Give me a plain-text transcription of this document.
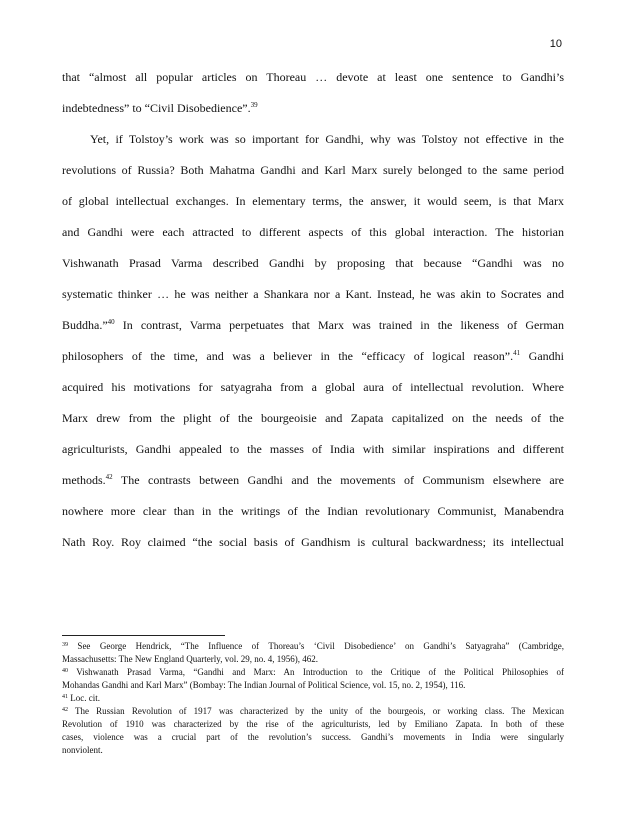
10
that “almost all popular articles on Thoreau … devote at least one sentence to Gandhi’s
indebtedness” to “Civil Disobedience”.$^{39}$
Yet, if Tolstoy’s work was so important for Gandhi, why was Tolstoy not effective in the
revolutions of Russia? Both Mahatma Gandhi and Karl Marx surely belonged to the same period
of global intellectual exchanges. In elementary terms, the answer, it would seem, is that Marx
and Gandhi were each attracted to different aspects of this global interaction. The historian
Vishwanath Prasad Varma described Gandhi by proposing that because “Gandhi was no
systematic thinker … he was neither a Shankara nor a Kant. Instead, he was akin to Socrates and
Buddha.”$^{40}$ In contrast, Varma perpetuates that Marx was trained in the likeness of German
philosophers of the time, and was a believer in the “efficacy of logical reason”.$^{41}$ Gandhi
acquired his motivations for satyagraha from a global aura of intellectual revolution. Where
Marx drew from the plight of the bourgeoisie and Zapata capitalized on the needs of the
agriculturists, Gandhi appealed to the masses of India with similar inspirations and different
methods.$^{42}$ The contrasts between Gandhi and the movements of Communism elsewhere are
nowhere more clear than in the writings of the Indian revolutionary Communist, Manabendra
Nath Roy. Roy claimed “the social basis of Gandhism is cultural backwardness; its intellectual
$^{39}$ See George Hendrick, “The Influence of Thoreau’s ‘Civil Disobedience’ on Gandhi’s Satyagraha” (Cambridge,
Massachusetts: The New England Quarterly, vol. 29, no. 4, 1956), 462.
$^{40}$ Vishwanath Prasad Varma, “Gandhi and Marx: An Introduction to the Critique of the Political Philosophies of
Mohandas Gandhi and Karl Marx” (Bombay: The Indian Journal of Political Science, vol. 15, no. 2, 1954), 116.
$^{41}$ Loc. cit.
$^{42}$ The Russian Revolution of 1917 was characterized by the unity of the bourgeois, or working class. The Mexican
Revolution of 1910 was characterized by the rise of the agriculturists, led by Emiliano Zapata. In both of these
cases, violence was a crucial part of the revolution’s success. Gandhi’s movements in India were singularly
nonviolent.
